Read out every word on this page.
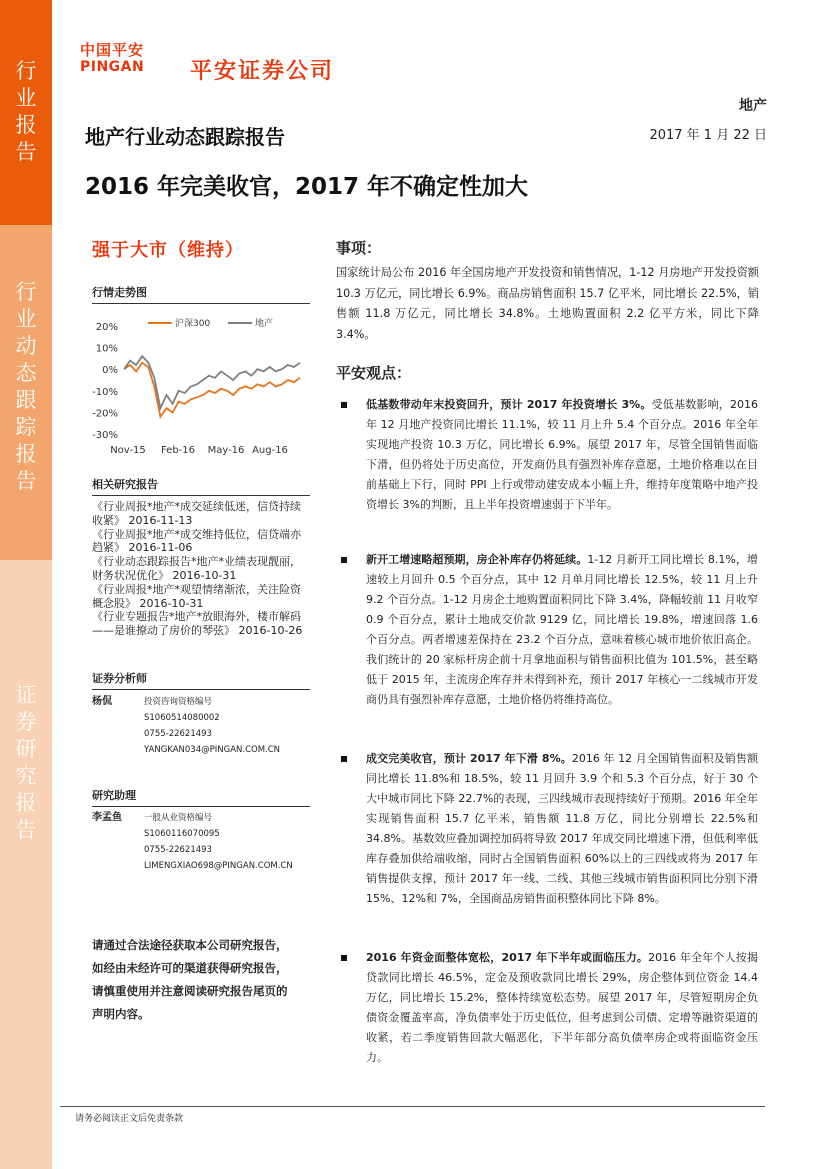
行
业
报
告
行
业
动
态
跟
踪
报
告
证
券
研
究
报
告
中国平安
PINGAN 平安证券公司
地产
地产行业动态跟踪报告	2017 年 1 月 22 日
2016 年完美收官，2017 年不确定性加大
强于大市（维持）
行情走势图
20%
10%
0%
-10%
-20%
-30%
Nov-15 Feb-16 May-16 Aug-16
沪深300	地产
相关研究报告
《行业周报*地产*成交延续低迷，信贷持续收紧》 2016-11-13
《行业周报*地产*成交维持低位，信贷端亦趋紧》 2016-11-06
《行业动态跟踪报告*地产*业绩表现靓丽，财务状况优化》 2016-10-31
《行业周报*地产*观望情绪渐浓，关注险资概念股》 2016-10-31
《行业专题报告*地产*放眼海外，楼市解码——是谁撩动了房价的琴弦》 2016-10-26
证券分析师
杨侃	投资咨询资格编号
S1060514080002
0755-22621493
YANGKAN034@PINGAN.COM.CN
研究助理
李孟鱼	一般从业资格编号
S1060116070095
0755-22621493
LIMENGXIAO698@PINGAN.COM.CN
请通过合法途径获取本公司研究报告，如经由未经许可的渠道获得研究报告，请慎重使用并注意阅读研究报告尾页的声明内容。
事项：
国家统计局公布 2016 年全国房地产开发投资和销售情况，1-12 月房地产开发投资额 10.3 万亿元，同比增长 6.9%。商品房销售面积 15.7 亿平米，同比增长 22.5%，销售额 11.8 万亿元，同比增长 34.8%。土地购置面积 2.2 亿平方米，同比下降 3.4%。
平安观点：
低基数带动年末投资回升，预计 2017 年投资增长 3%。受低基数影响，2016 年 12 月地产投资同比增长 11.1%，较 11 月上升 5.4 个百分点。2016 年全年实现地产投资 10.3 万亿，同比增长 6.9%。展望 2017 年，尽管全国销售面临下滑，但仍将处于历史高位，开发商仍具有强烈补库存意愿，土地价格难以在目前基础上下行，同时 PPI 上行或带动建安成本小幅上升，维持年度策略中地产投资增长 3%的判断，且上半年投资增速弱于下半年。
新开工增速略超预期，房企补库存仍将延续。1-12 月新开工同比增长 8.1%，增速较上月回升 0.5 个百分点，其中 12 月单月同比增长 12.5%，较 11 月上升 9.2 个百分点。1-12 月房企土地购置面积同比下降 3.4%，降幅较前 11 月收窄 0.9 个百分点，累计土地成交价款 9129 亿，同比增长 19.8%，增速回落 1.6 个百分点。两者增速差保持在 23.2 个百分点，意味着核心城市地价依旧高企。我们统计的 20 家标杆房企前十月拿地面积与销售面积比值为 101.5%，甚至略低于 2015 年，主流房企库存并未得到补充，预计 2017 年核心一二线城市开发商仍具有强烈补库存意愿，土地价格仍将维持高位。
成交完美收官，预计 2017 年下滑 8%。2016 年 12 月全国销售面积及销售额同比增长 11.8%和 18.5%，较 11 月回升 3.9 个和 5.3 个百分点，好于 30 个大中城市同比下降 22.7%的表现，三四线城市表现持续好于预期。2016 年全年实现销售面积 15.7 亿平米，销售额 11.8 万亿，同比分别增长 22.5%和 34.8%。基数效应叠加调控加码将导致 2017 年成交同比增速下滑，但低利率低库存叠加供给端收缩，同时占全国销售面积 60%以上的三四线或将为 2017 年销售提供支撑，预计 2017 年一线、二线、其他三线城市销售面积同比分别下滑 15%、12%和 7%，全国商品房销售面积整体同比下降 8%。
2016 年资金面整体宽松，2017 年下半年或面临压力。2016 年全年个人按揭贷款同比增长 46.5%，定金及预收款同比增长 29%，房企整体到位资金 14.4 万亿，同比增长 15.2%，整体持续宽松态势。展望 2017 年，尽管短期房企负债资金覆盖率高，净负债率处于历史低位，但考虑到公司债、定增等融资渠道的收紧，若二季度销售回款大幅恶化，下半年部分高负债率房企或将面临资金压力。
请务必阅读正文后免责条款
